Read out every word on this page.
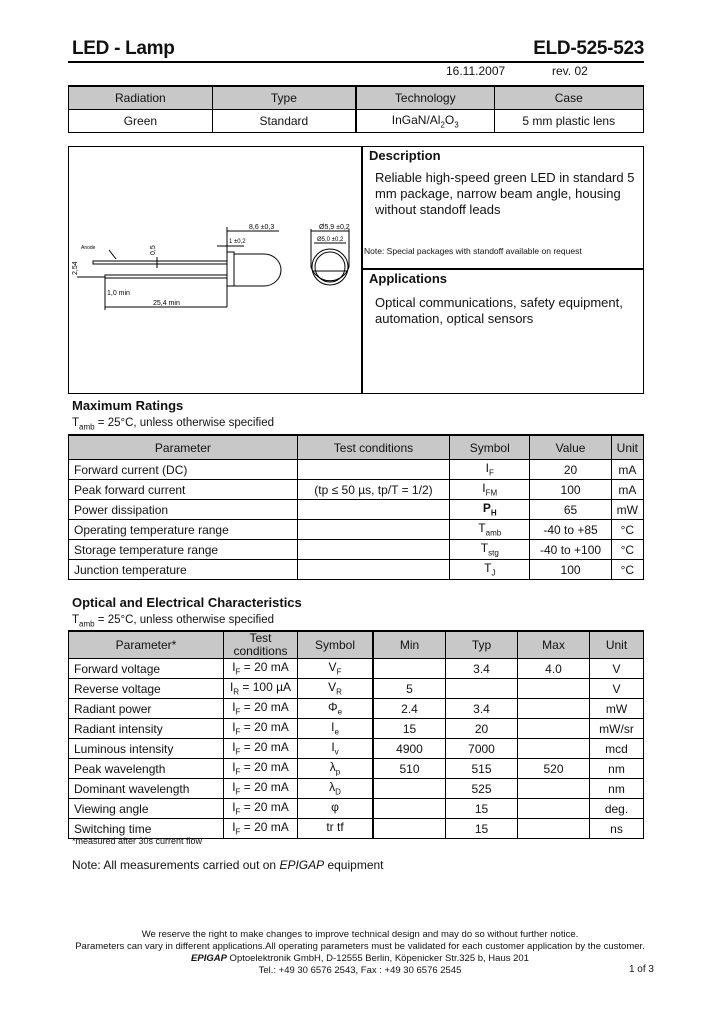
LED - Lamp	ELD-525-523
16.11.2007	rev. 02
Radiation	Type	Technology	Case
Green	Standard	InGaN/$Al_2O_3$	5 mm plastic lens
Anode
1,0 min
25,4 min
8,6 ±0,3
1 ±0,2
Ø5,9 ±0,2
Ø5,0 ±0,2
2,54
0,5
Description
Reliable high-speed green LED in standard 5 mm package, narrow beam angle, housing without standoff leads
Note: Special packages with standoff available on request
Applications
Optical communications, safety equipment, automation, optical sensors
Maximum Ratings
$T_{amb} = 25^\circ C$, unless otherwise specified
Parameter	Test conditions	Symbol	Value	Unit
Forward current (DC)		$I_F$	20	mA
Peak forward current	(tp ≤ 50 µs, tp/T = 1/2)	$I_{FM}$	100	mA
Power dissipation		$P_H$	65	mW
Operating temperature range		$T_{amb}$	-40 to +85	°C
Storage temperature range		$T_{stg}$	-40 to +100	°C
Junction temperature		$T_J$	100	°C
Optical and Electrical Characteristics
$T_{amb} = 25^\circ C$, unless otherwise specified
Parameter*	Test conditions	Symbol	Min	Typ	Max	Unit
Forward voltage	$I_F = 20$ mA	$V_F$		3.4	4.0	V
Reverse voltage	$I_R = 100$ µA	$V_R$	5			V
Radiant power	$I_F = 20$ mA	$\Phi_e$	2.4	3.4		mW
Radiant intensity	$I_F = 20$ mA	$I_e$	15	20		mW/sr
Luminous intensity	$I_F = 20$ mA	$I_v$	4900	7000		mcd
Peak wavelength	$I_F = 20$ mA	$\lambda_p$	510	515	520	nm
Dominant wavelength	$I_F = 20$ mA	$\lambda_D$		525		nm
Viewing angle	$I_F = 20$ mA	φ		15		deg.
Switching time	$I_F = 20$ mA	tr tf		15		ns
*measured after 30s current flow
Note: All measurements carried out on EPIGAP equipment
We reserve the right to make changes to improve technical design and may do so without further notice.
Parameters can vary in different applications.All operating parameters must be validated for each customer application by the customer.
EPIGAP Optoelektronik GmbH, D-12555 Berlin, Köpenicker Str.325 b, Haus 201
Tel.: +49 30 6576 2543, Fax : +49 30 6576 2545	1 of 3
